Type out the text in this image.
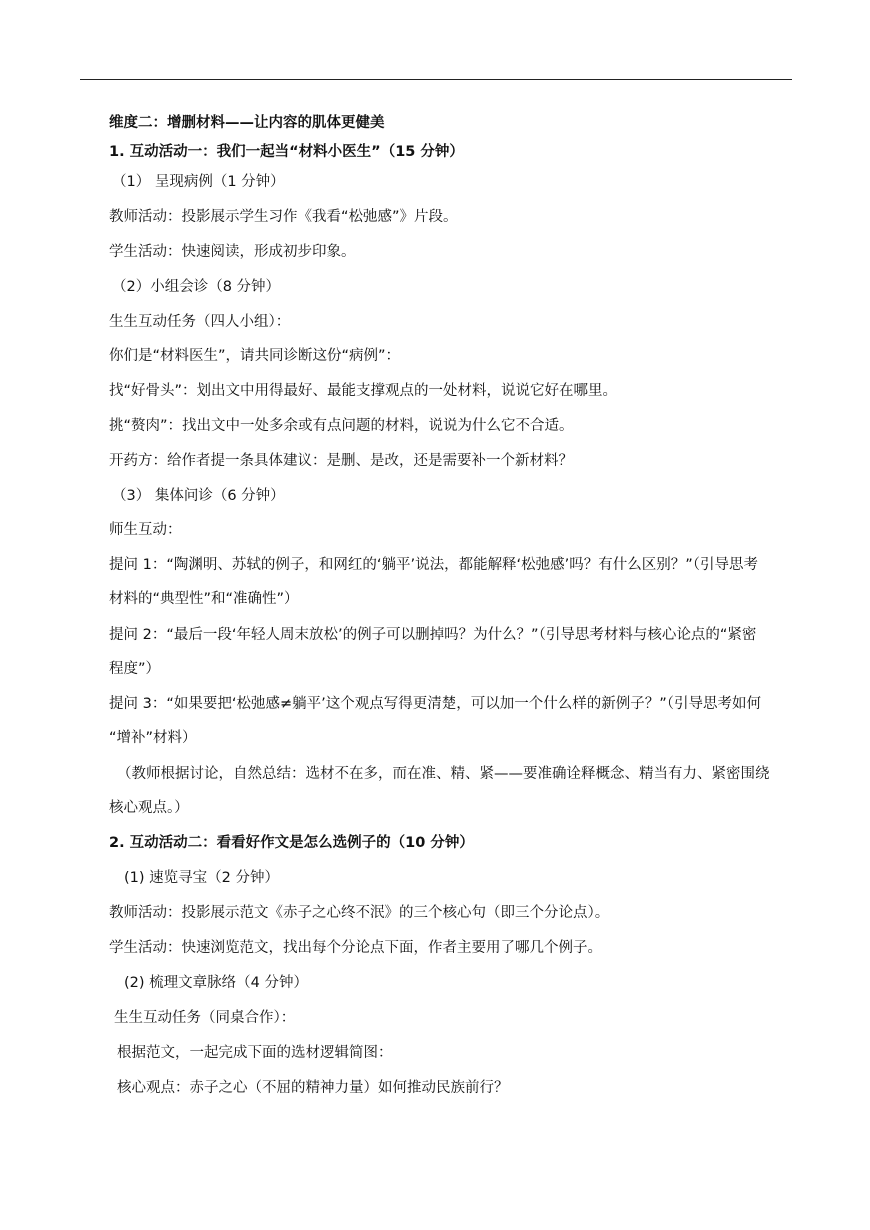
维度二：增删材料——让内容的肌体更健美
1. 互动活动一：我们一起当“材料小医生”（15 分钟）
（1） 呈现病例（1 分钟）
教师活动：投影展示学生习作《我看“松弛感”》片段。
学生活动：快速阅读，形成初步印象。
（2）小组会诊（8 分钟）
生生互动任务（四人小组）：
你们是“材料医生”，请共同诊断这份“病例”：
找“好骨头”：划出文中用得最好、最能支撑观点的一处材料，说说它好在哪里。
挑“赘肉”：找出文中一处多余或有点问题的材料，说说为什么它不合适。
开药方：给作者提一条具体建议：是删、是改，还是需要补一个新材料？
（3） 集体问诊（6 分钟）
师生互动：
提问 1：“陶渊明、苏轼的例子，和网红的‘躺平’说法，都能解释‘松弛感’吗？有什么区别？”（引导思考
材料的“典型性”和“准确性”）
提问 2：“最后一段‘年轻人周末放松’的例子可以删掉吗？为什么？”（引导思考材料与核心论点的“紧密
程度”）
提问 3：“如果要把‘松弛感≠躺平’这个观点写得更清楚，可以加一个什么样的新例子？”（引导思考如何
“增补”材料）
（教师根据讨论，自然总结：选材不在多，而在准、精、紧——要准确诠释概念、精当有力、紧密围绕
核心观点。）
2. 互动活动二：看看好作文是怎么选例子的（10 分钟）
(1) 速览寻宝（2 分钟）
教师活动：投影展示范文《赤子之心终不泯》的三个核心句（即三个分论点）。
学生活动：快速浏览范文，找出每个分论点下面，作者主要用了哪几个例子。
(2) 梳理文章脉络（4 分钟）
生生互动任务（同桌合作）：
根据范文，一起完成下面的选材逻辑简图：
核心观点：赤子之心（不屈的精神力量）如何推动民族前行？
